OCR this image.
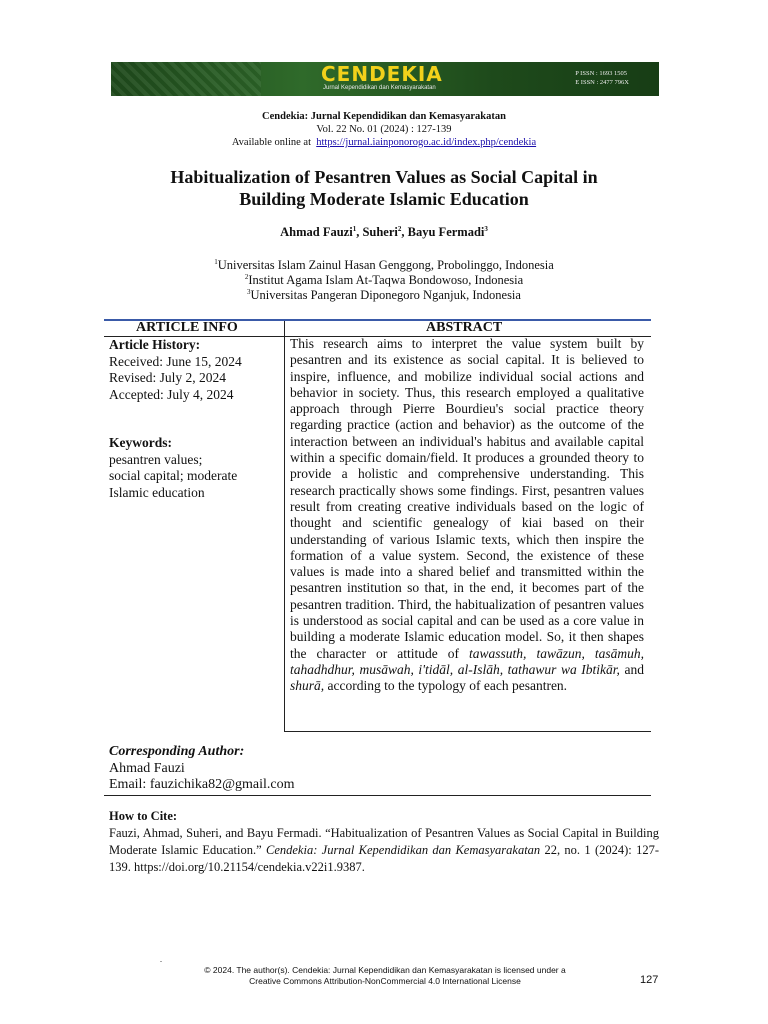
CENDEKIA
Jurnal Kependidikan dan Kemasyarakatan
P ISSN : 1693 1505
E ISSN : 2477 796X
Cendekia: Jurnal Kependidikan dan Kemasyarakatan
Vol. 22 No. 01 (2024) : 127-139
Available online at https://jurnal.iainponorogo.ac.id/index.php/cendekia
Habitualization of Pesantren Values as Social Capital in
Building Moderate Islamic Education
Ahmad Fauzi$^1$, Suheri$^2$, Bayu Fermadi$^3$
$^1$Universitas Islam Zainul Hasan Genggong, Probolinggo, Indonesia
$^2$Institut Agama Islam At-Taqwa Bondowoso, Indonesia
$^3$Universitas Pangeran Diponegoro Nganjuk, Indonesia
ARTICLE INFO	ABSTRACT
Article History:
Received: June 15, 2024
Revised: July 2, 2024
Accepted: July 4, 2024
Keywords:
pesantren values;
social capital; moderate
Islamic education
This research aims to interpret the value system built by pesantren and its existence as social capital. It is believed to inspire, influence, and mobilize individual social actions and behavior in society. Thus, this research employed a qualitative approach through Pierre Bourdieu's social practice theory regarding practice (action and behavior) as the outcome of the interaction between an individual's habitus and available capital within a specific domain/field. It produces a grounded theory to provide a holistic and comprehensive understanding. This research practically shows some findings. First, pesantren values result from creating creative individuals based on the logic of thought and scientific genealogy of kiai based on their understanding of various Islamic texts, which then inspire the formation of a value system. Second, the existence of these values is made into a shared belief and transmitted within the pesantren institution so that, in the end, it becomes part of the pesantren tradition. Third, the habitualization of pesantren values is understood as social capital and can be used as a core value in building a moderate Islamic education model. So, it then shapes the character or attitude of tawassuth, tawāzun, tasāmuh, tahadhdhur, musāwah, i'tidāl, al-Islāh, tathawur wa Ibtikār, and shurā, according to the typology of each pesantren.
Corresponding Author:
Ahmad Fauzi
Email: fauzichika82@gmail.com
How to Cite:
Fauzi, Ahmad, Suheri, and Bayu Fermadi. “Habitualization of Pesantren Values as Social Capital in Building Moderate Islamic Education.” Cendekia: Jurnal Kependidikan dan Kemasyarakatan 22, no. 1 (2024): 127-139. https://doi.org/10.21154/cendekia.v22i1.9387.
.
© 2024. The author(s). Cendekia: Jurnal Kependidikan dan Kemasyarakatan is licensed under a
Creative Commons Attribution-NonCommercial 4.0 International License	127
